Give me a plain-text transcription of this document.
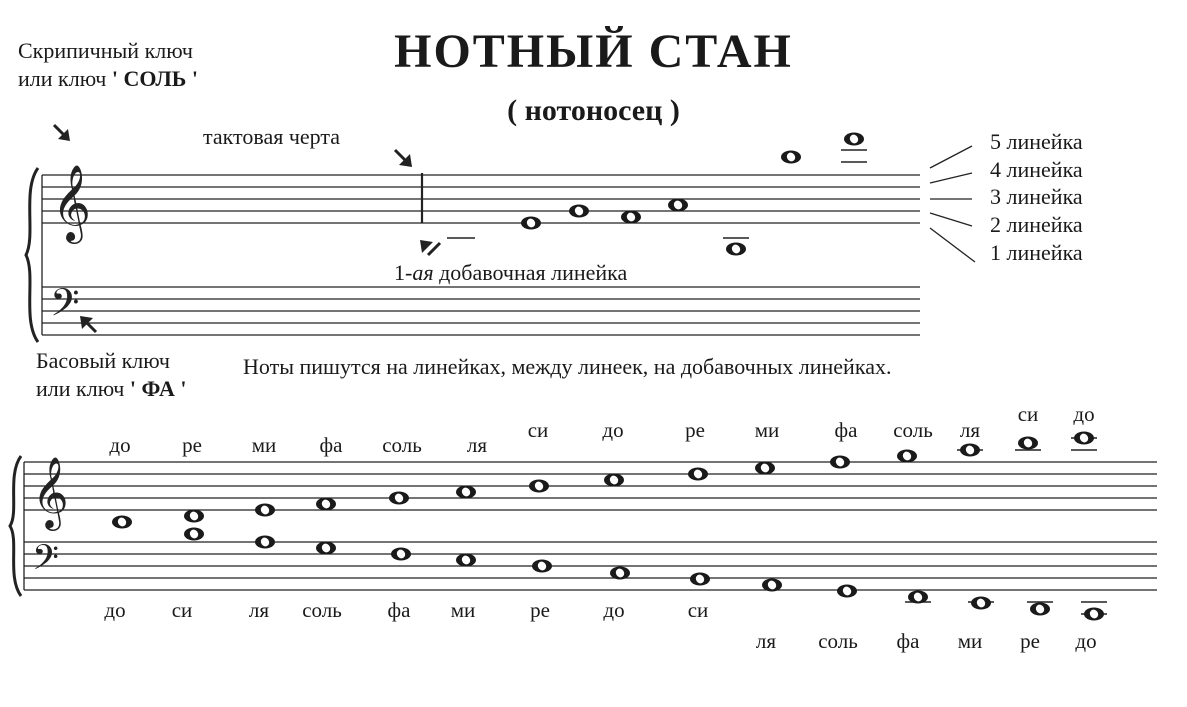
НОТНЫЙ СТАН
( нотоносец )
Скрипичный ключ
или ключ ' СОЛЬ '
тактовая черта
1-ая добавочная линейка
5 линейка
4 линейка
3 линейка
2 линейка
1 линейка
Басовый ключ
или ключ ' ФА '
Ноты пишутся на линейках, между линеек, на добавочных линейках.
до ре ми фа соль ля
си	до	ре ми	фа соль ля
си до
до си	ля соль фа ми	ре	до	си
ля соль фа ми ре до
𝄞
𝄢
𝄞
𝄢
